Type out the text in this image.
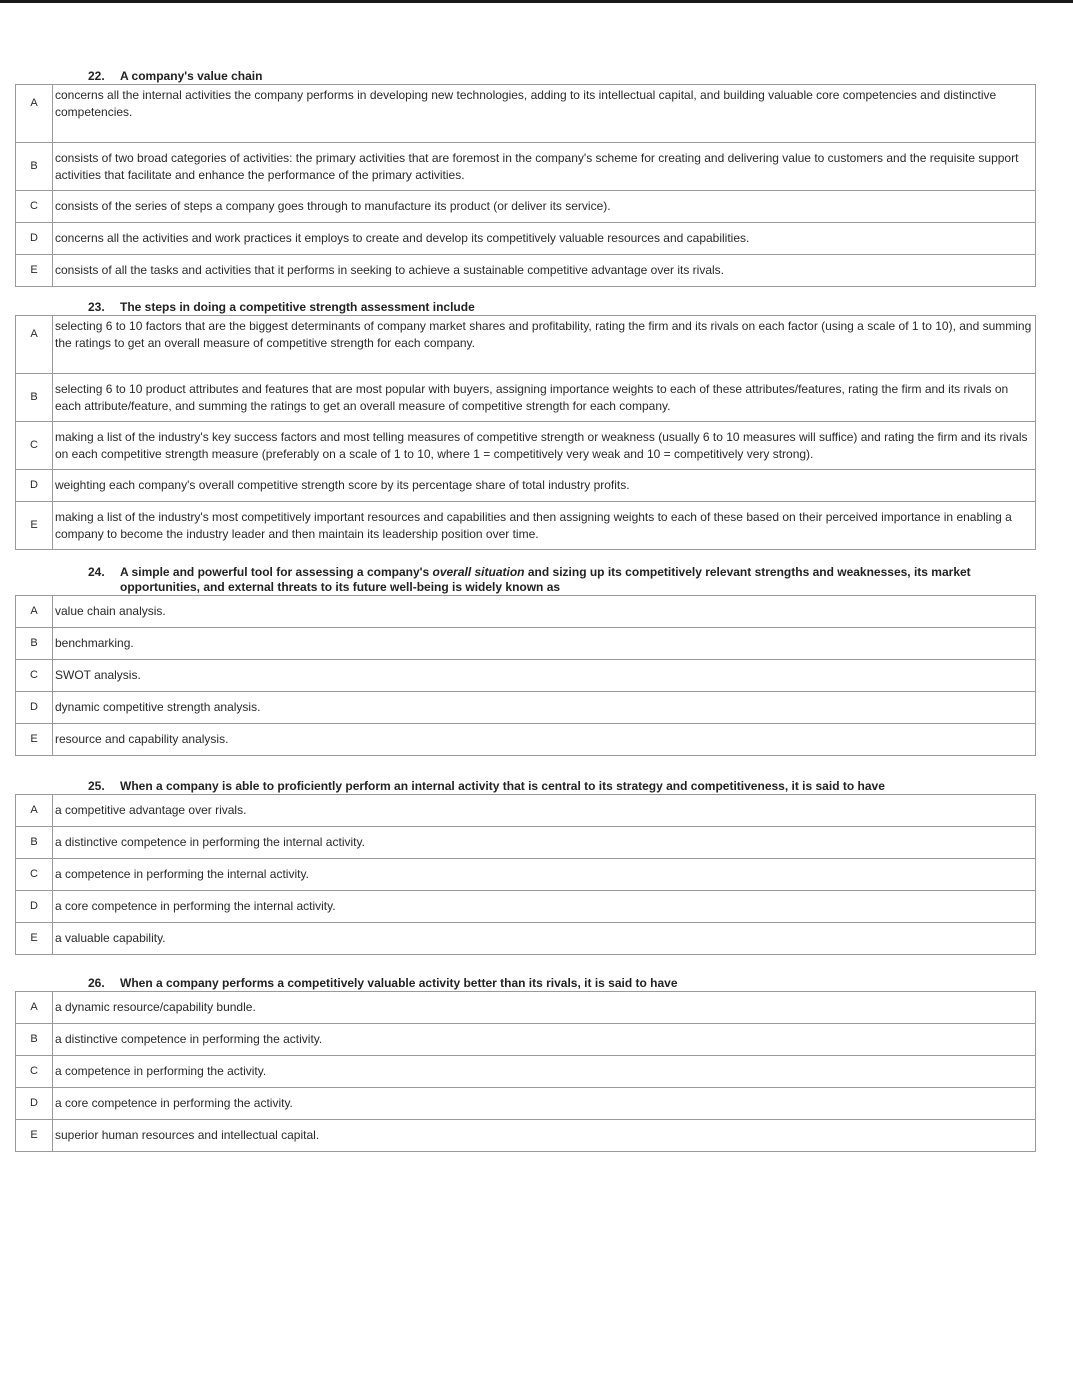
22. A company's value chain
A	concerns all the internal activities the company performs in developing new technologies, adding to its intellectual capital, and building valuable core competencies and distinctive competencies.
B	consists of two broad categories of activities: the primary activities that are foremost in the company's scheme for creating and delivering value to customers and the requisite support activities that facilitate and enhance the performance of the primary activities.
C	consists of the series of steps a company goes through to manufacture its product (or deliver its service).
D	concerns all the activities and work practices it employs to create and develop its competitively valuable resources and capabilities.
E	consists of all the tasks and activities that it performs in seeking to achieve a sustainable competitive advantage over its rivals.
23. The steps in doing a competitive strength assessment include
A	selecting 6 to 10 factors that are the biggest determinants of company market shares and profitability, rating the firm and its rivals on each factor (using a scale of 1 to 10), and summing the ratings to get an overall measure of competitive strength for each company.
B	selecting 6 to 10 product attributes and features that are most popular with buyers, assigning importance weights to each of these attributes/features, rating the firm and its rivals on each attribute/feature, and summing the ratings to get an overall measure of competitive strength for each company.
C	making a list of the industry's key success factors and most telling measures of competitive strength or weakness (usually 6 to 10 measures will suffice) and rating the firm and its rivals on each competitive strength measure (preferably on a scale of 1 to 10, where 1 = competitively very weak and 10 = competitively very strong).
D	weighting each company's overall competitive strength score by its percentage share of total industry profits.
E	making a list of the industry's most competitively important resources and capabilities and then assigning weights to each of these based on their perceived importance in enabling a company to become the industry leader and then maintain its leadership position over time.
24. A simple and powerful tool for assessing a company's overall situation and sizing up its competitively relevant strengths and weaknesses, its market
opportunities, and external threats to its future well-being is widely known as
A	value chain analysis.
B	benchmarking.
C	SWOT analysis.
D	dynamic competitive strength analysis.
E	resource and capability analysis.
25. When a company is able to proficiently perform an internal activity that is central to its strategy and competitiveness, it is said to have
A	a competitive advantage over rivals.
B	a distinctive competence in performing the internal activity.
C	a competence in performing the internal activity.
D	a core competence in performing the internal activity.
E	a valuable capability.
26. When a company performs a competitively valuable activity better than its rivals, it is said to have
A	a dynamic resource/capability bundle.
B	a distinctive competence in performing the activity.
C	a competence in performing the activity.
D	a core competence in performing the activity.
E	superior human resources and intellectual capital.
